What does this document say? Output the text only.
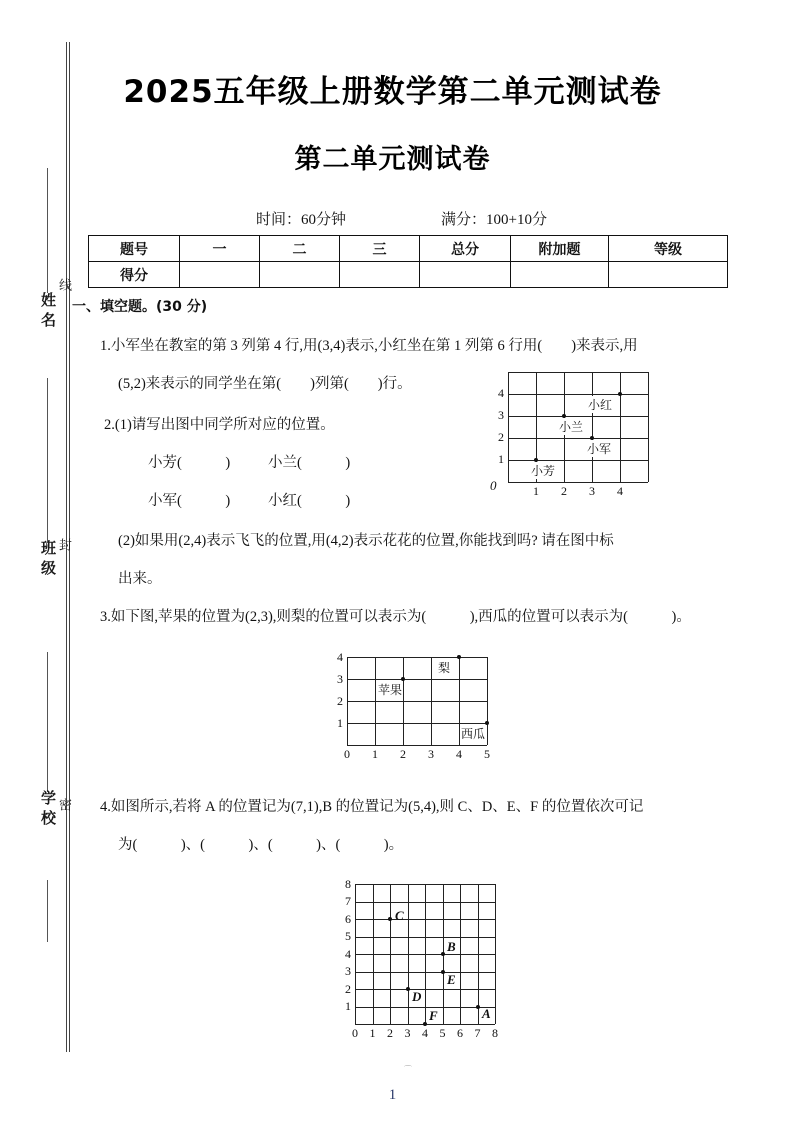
姓名
班级
学校
线
封
密
2025五年级上册数学第二单元测试卷
第二单元测试卷
时间：60分钟	满分：100+10分
题号	一	二	三	总分	附加题	等级
得分						
一、填空题。(30 分)
1.小军坐在教室的第 3 列第 4 行,用(3,4)表示,小红坐在第 1 列第 6 行用(　　)来表示,用
(5,2)来表示的同学坐在第(　　)列第(　　)行。
2.(1)请写出图中同学所对应的位置。
小芳(　　　)	小兰(　　　)
小军(　　　)	小红(　　　)
(2)如果用(2,4)表示飞飞的位置,用(4,2)表示花花的位置,你能找到吗? 请在图中标
出来。
4
3
2
1
0	1	2	3	4
小芳
小兰
小军
小红
3.如下图,苹果的位置为(2,3),则梨的位置可以表示为(　　　),西瓜的位置可以表示为(　　　)。
4
3
2
1
0	1	2	3	4	5
苹果
梨
西瓜
4.如图所示,若将 A 的位置记为(7,1),B 的位置记为(5,4),则 C、D、E、F 的位置依次可记
为(　　　)、(　　　)、(　　　)、(　　　)。
8
7
6
5
4
3
2
1
0 1 2 3 4 5 6 7 8
C
B
E
D
A
F
⌒
1
